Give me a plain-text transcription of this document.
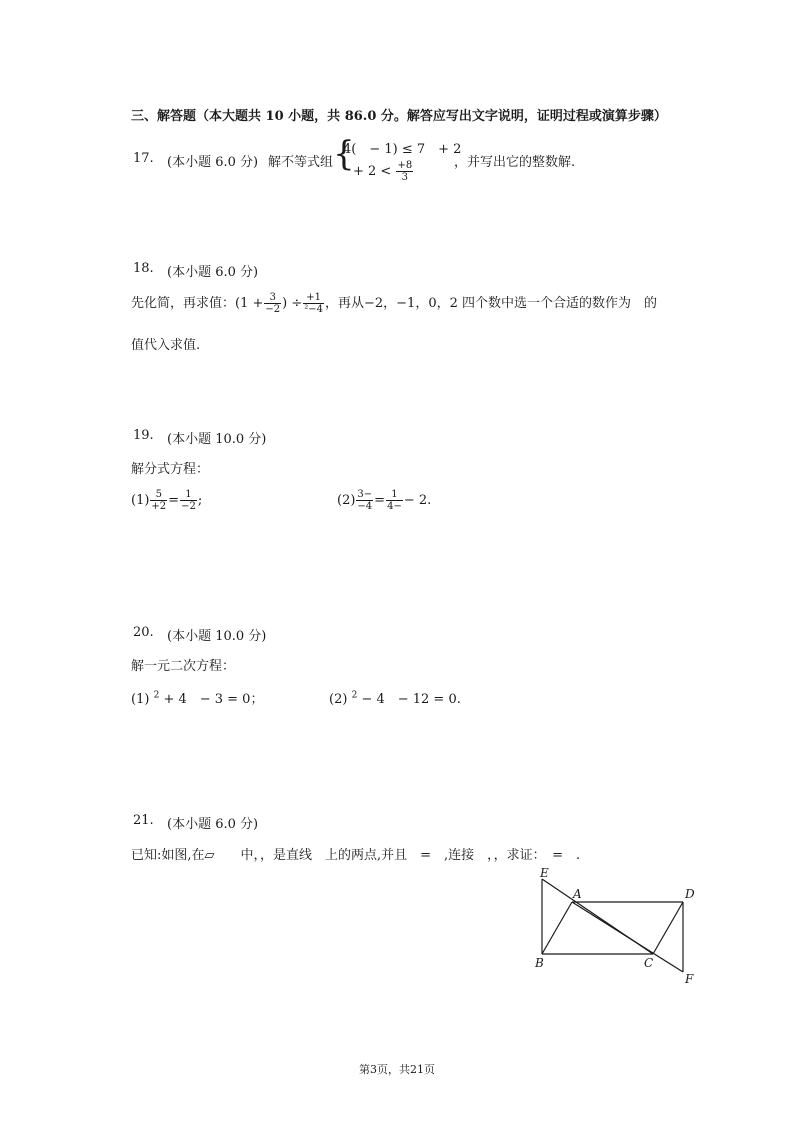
三、解答题（本大题共 10 小题，共 86.0 分。解答应写出文字说明，证明过程或演算步骤）
17. (本小题 6.0 分) 解不等式组 {
4(　− 1) ≤ 7　+ 2
+ $2 < \frac{+8}{3}$	，并写出它的整数解.
18. (本小题 6.0 分)
先化简，再求值：($1 + \frac{3}{-2}$ ) ÷ $\frac{+1}{\text{²−4}}$ ，再从−2，−1，0，2 四个数中选一个合适的数作为　的
值代入求值.
19. (本小题 10.0 分)
解分式方程：
$(1) \frac{5}{+2} = \frac{1}{-2}$ ;	$(2) \frac{3-}{-4} = \frac{1}{4-} - 2$.
20. (本小题 10.0 分)
解一元二次方程：
(1) $^2$ + 4　− 3 = 0；	(2) $^2$ − 4　− 12 = 0.
21. (本小题 6.0 分)
已知:如图,在▱　　中，，是直线　上的两点,并且　=　,连接　，，求证：　=　.
E
A	D
B	C
F
第3页，共21页
